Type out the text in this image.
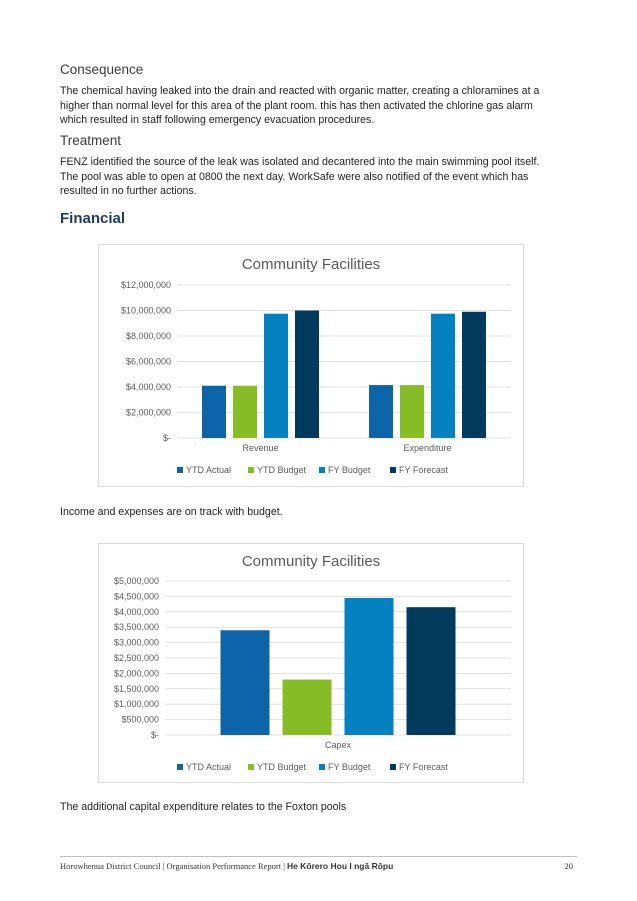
Consequence
The chemical having leaked into the drain and reacted with organic matter, creating a chloramines at a higher than normal level for this area of the plant room. this has then activated the chlorine gas alarm which resulted in staff following emergency evacuation procedures.
Treatment
FENZ identified the source of the leak was isolated and decantered into the main swimming pool itself. The pool was able to open at 0800 the next day. WorkSafe were also notified of the event which has resulted in no further actions.
Financial
Community Facilities
$-
$2,000,000
$4,000,000
$6,000,000
$8,000,000
$10,000,000
$12,000,000
Revenue	Expenditure
YTD Actual	YTD Budget FY Budget	FY Forecast
Income and expenses are on track with budget.
Community Facilities
$-
$500,000
$1,000,000
$1,500,000
$2,000,000
$2,500,000
$3,000,000
$3,500,000
$4,000,000
$4,500,000
$5,000,000
Capex
YTD Actual	YTD Budget FY Budget	FY Forecast
The additional capital expenditure relates to the Foxton pools
Horowhenua District Council | Organisation Performance Report | He Kōrero Hou I ngā Rōpu	20
